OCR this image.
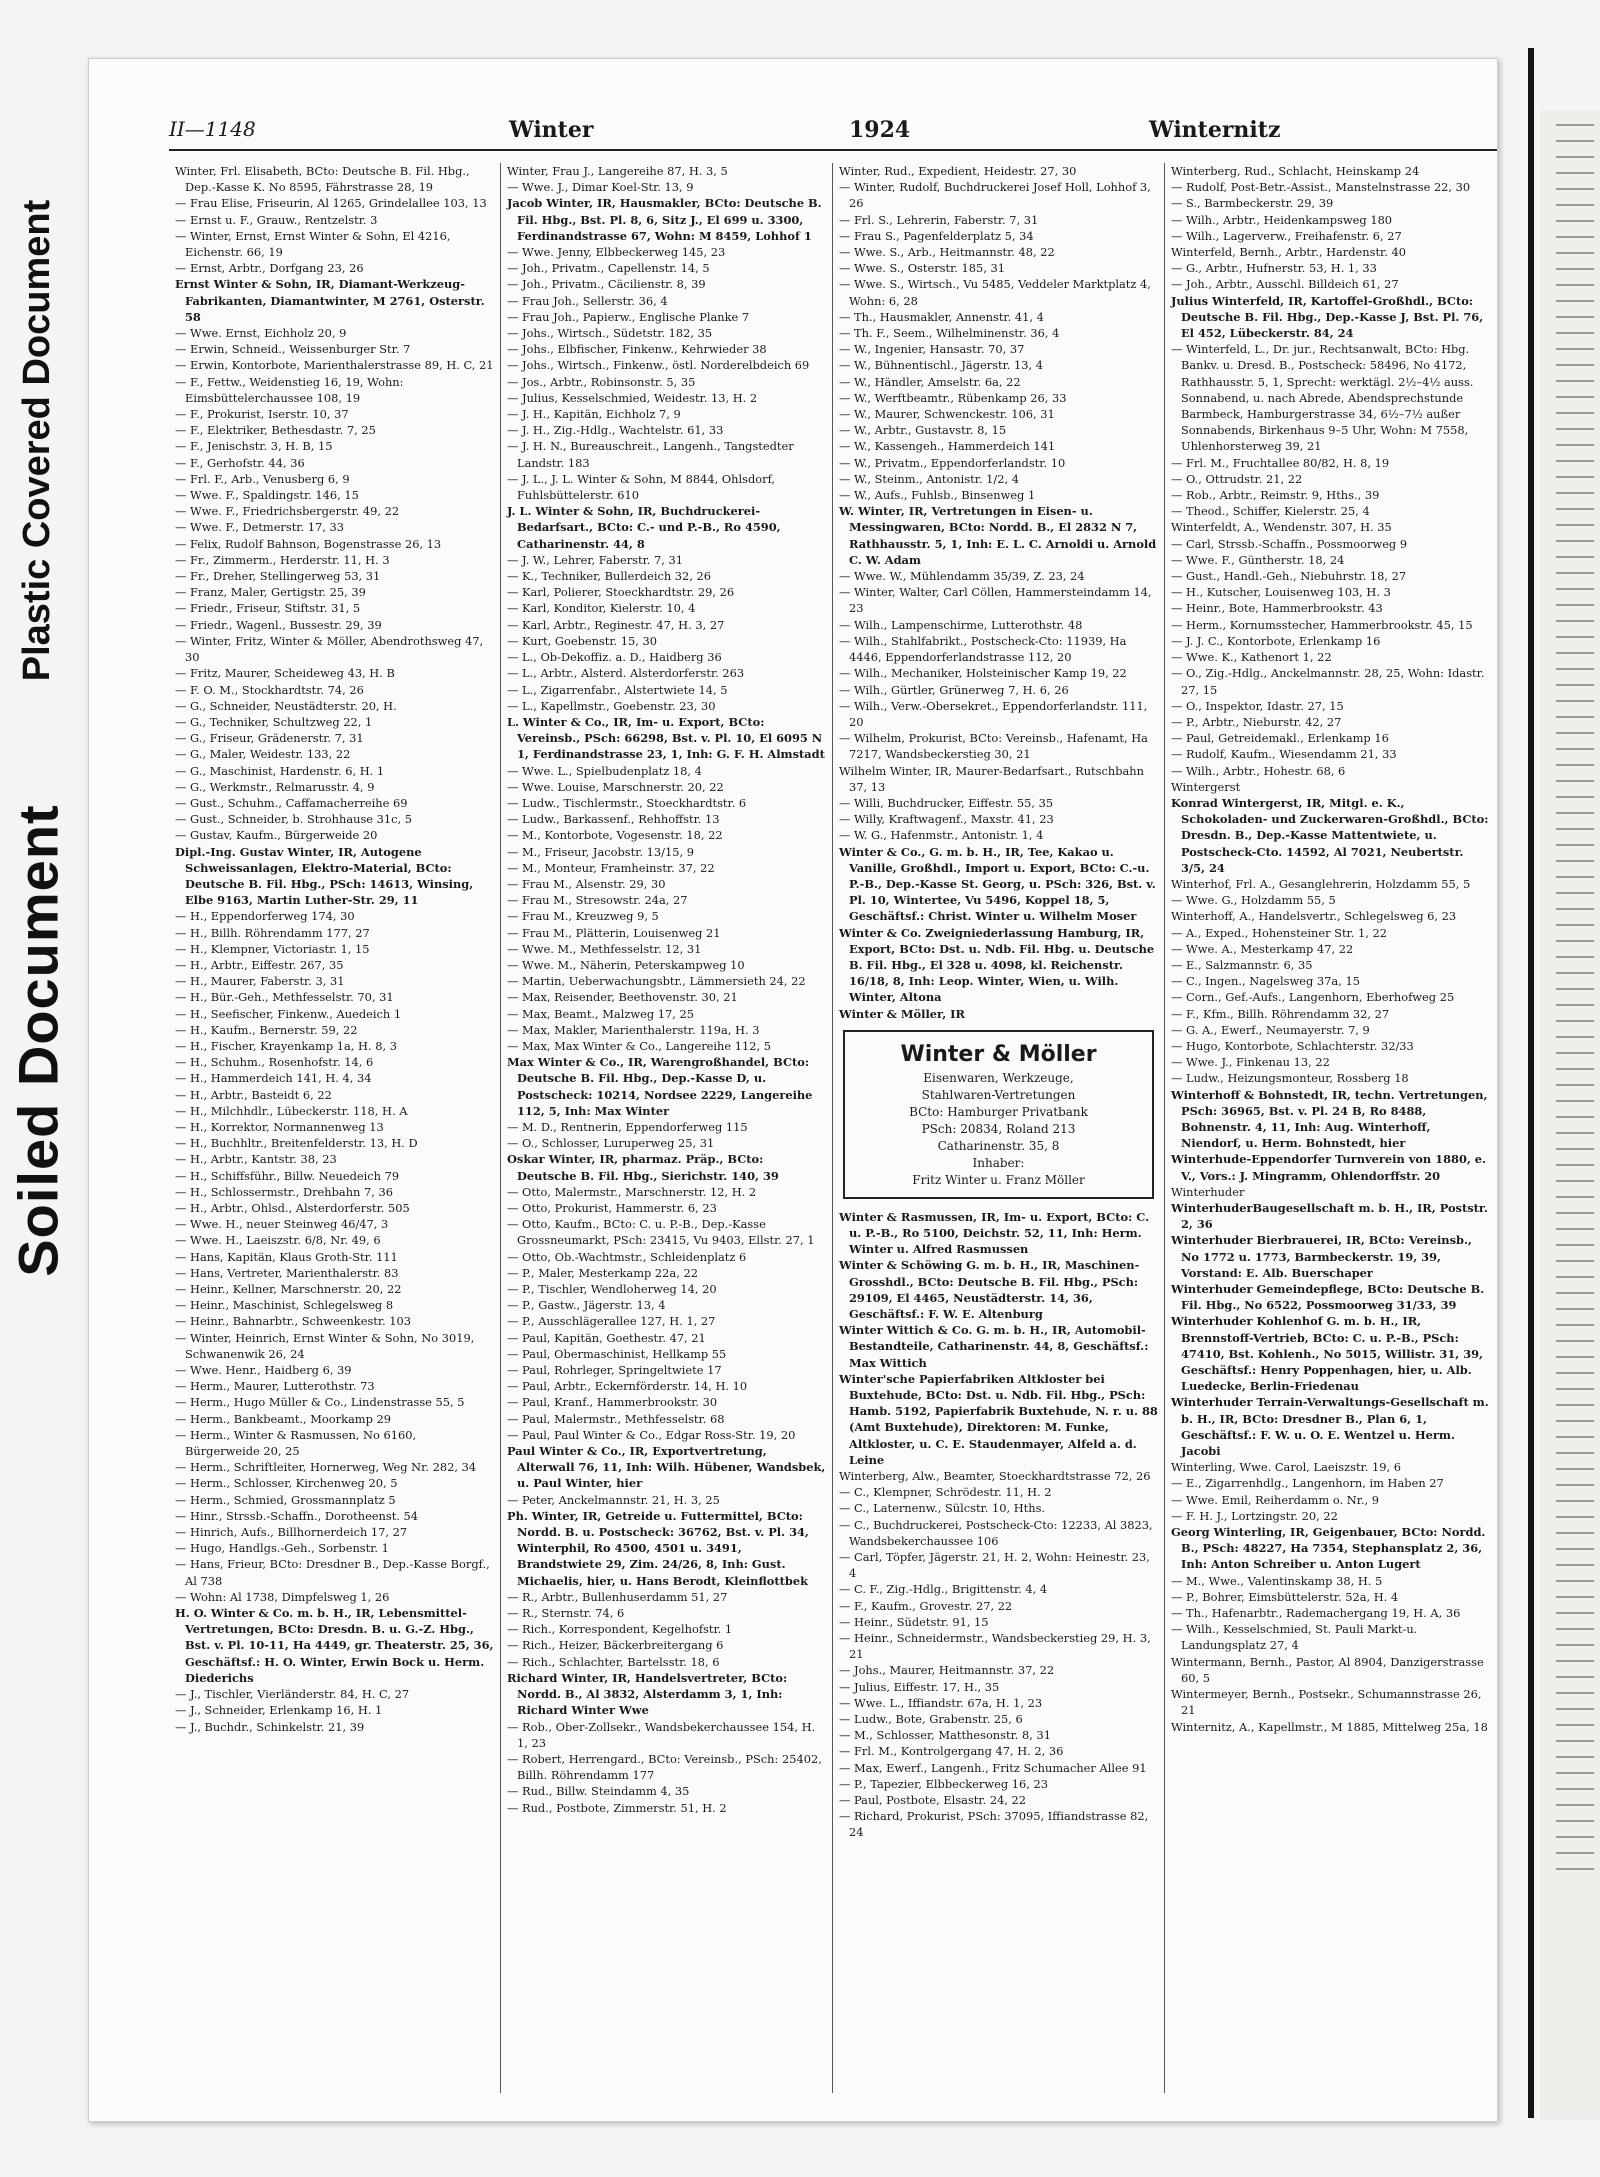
Plastic Covered Document
Soiled Document
II—1148	Winter	1924	Winternitz

Winter, Frl. Elisabeth, BCto: Deutsche B. Fil. Hbg., Dep.-Kasse K. No 8595, Fährstrasse 28, 19

— Frau Elise, Friseurin, Al 1265, Grindelallee 103, 13

— Ernst u. F., Grauw., Rentzelstr. 3

— Winter, Ernst, Ernst Winter & Sohn, El 4216, Eichenstr. 66, 19

— Ernst, Arbtr., Dorfgang 23, 26

Ernst Winter & Sohn, IR, Diamant-Werkzeug-Fabrikanten, Diamantwinter, M 2761, Osterstr. 58

— Wwe. Ernst, Eichholz 20, 9

— Erwin, Schneid., Weissenburger Str. 7

— Erwin, Kontorbote, Marienthalerstrasse 89, H. C, 21

— F., Fettw., Weidenstieg 16, 19, Wohn: Eimsbüttelerchaussee 108, 19

— F., Prokurist, Iserstr. 10, 37

— F., Elektriker, Bethesdastr. 7, 25

— F., Jenischstr. 3, H. B, 15

— F., Gerhofstr. 44, 36

— Frl. F., Arb., Venusberg 6, 9

— Wwe. F., Spaldingstr. 146, 15

— Wwe. F., Friedrichsbergerstr. 49, 22

— Wwe. F., Detmerstr. 17, 33

— Felix, Rudolf Bahnson, Bogenstrasse 26, 13

— Fr., Zimmerm., Herderstr. 11, H. 3

— Fr., Dreher, Stellingerweg 53, 31

— Franz, Maler, Gertigstr. 25, 39

— Friedr., Friseur, Stiftstr. 31, 5

— Friedr., Wagenl., Bussestr. 29, 39

— Winter, Fritz, Winter & Möller, Abendrothsweg 47, 30

— Fritz, Maurer, Scheideweg 43, H. B

— F. O. M., Stockhardtstr. 74, 26

— G., Schneider, Neustädterstr. 20, H.

— G., Techniker, Schultzweg 22, 1

— G., Friseur, Grädenerstr. 7, 31

— G., Maler, Weidestr. 133, 22

— G., Maschinist, Hardenstr. 6, H. 1

— G., Werkmstr., Relmarusstr. 4, 9

— Gust., Schuhm., Caffamacherreihe 69

— Gust., Schneider, b. Strohhause 31c, 5

— Gustav, Kaufm., Bürgerweide 20

Dipl.-Ing. Gustav Winter, IR, Autogene Schweissanlagen, Elektro-Material, BCto: Deutsche B. Fil. Hbg., PSch: 14613, Winsing, Elbe 9163, Martin Luther-Str. 29, 11

— H., Eppendorferweg 174, 30

— H., Billh. Röhrendamm 177, 27

— H., Klempner, Victoriastr. 1, 15

— H., Arbtr., Eiffestr. 267, 35

— H., Maurer, Faberstr. 3, 31

— H., Bür.-Geh., Methfesselstr. 70, 31

— H., Seefischer, Finkenw., Auedeich 1

— H., Kaufm., Bernerstr. 59, 22

— H., Fischer, Krayenkamp 1a, H. 8, 3

— H., Schuhm., Rosenhofstr. 14, 6

— H., Hammerdeich 141, H. 4, 34

— H., Arbtr., Basteidt 6, 22

— H., Milchhdlr., Lübeckerstr. 118, H. A

— H., Korrektor, Normannenweg 13

— H., Buchhltr., Breitenfelderstr. 13, H. D

— H., Arbtr., Kantstr. 38, 23

— H., Schiffsführ., Billw. Neuedeich 79

— H., Schlossermstr., Drehbahn 7, 36

— H., Arbtr., Ohlsd., Alsterdorferstr. 505

— Wwe. H., neuer Steinweg 46/47, 3

— Wwe. H., Laeiszstr. 6/8, Nr. 49, 6

— Hans, Kapitän, Klaus Groth-Str. 111

— Hans, Vertreter, Marienthalerstr. 83

— Heinr., Kellner, Marschnerstr. 20, 22

— Heinr., Maschinist, Schlegelsweg 8

— Heinr., Bahnarbtr., Schweenkestr. 103

— Winter, Heinrich, Ernst Winter & Sohn, No 3019, Schwanenwik 26, 24

— Wwe. Henr., Haidberg 6, 39

— Herm., Maurer, Lutterothstr. 73

— Herm., Hugo Müller & Co., Lindenstrasse 55, 5

— Herm., Bankbeamt., Moorkamp 29

— Herm., Winter & Rasmussen, No 6160, Bürgerweide 20, 25

— Herm., Schriftleiter, Hornerweg, Weg Nr. 282, 34

— Herm., Schlosser, Kirchenweg 20, 5

— Herm., Schmied, Grossmannplatz 5

— Hinr., Strssb.-Schaffn., Dorotheenst. 54

— Hinrich, Aufs., Billhornerdeich 17, 27

— Hugo, Handlgs.-Geh., Sorbenstr. 1

— Hans, Frieur, BCto: Dresdner B., Dep.-Kasse Borgf., Al 738

— Wohn: Al 1738, Dimpfelsweg 1, 26

H. O. Winter & Co. m. b. H., IR, Lebensmittel-Vertretungen, BCto: Dresdn. B. u. G.-Z. Hbg., Bst. v. Pl. 10-11, Ha 4449, gr. Theaterstr. 25, 36, Geschäftsf.: H. O. Winter, Erwin Bock u. Herm. Diederichs

— J., Tischler, Vierländerstr. 84, H. C, 27

— J., Schneider, Erlenkamp 16, H. 1

— J., Buchdr., Schinkelstr. 21, 39

Winter, Frau J., Langereihe 87, H. 3, 5

— Wwe. J., Dimar Koel-Str. 13, 9

Jacob Winter, IR, Hausmakler, BCto: Deutsche B. Fil. Hbg., Bst. Pl. 8, 6, Sitz J., El 699 u. 3300, Ferdinandstrasse 67, Wohn: M 8459, Lohhof 1

— Wwe. Jenny, Elbbeckerweg 145, 23

— Joh., Privatm., Capellenstr. 14, 5

— Joh., Privatm., Cäcilienstr. 8, 39

— Frau Joh., Sellerstr. 36, 4

— Frau Joh., Papierw., Englische Planke 7

— Johs., Wirtsch., Südetstr. 182, 35

— Johs., Elbfischer, Finkenw., Kehrwieder 38

— Johs., Wirtsch., Finkenw., östl. Norderelbdeich 69

— Jos., Arbtr., Robinsonstr. 5, 35

— Julius, Kesselschmied, Weidestr. 13, H. 2

— J. H., Kapitän, Eichholz 7, 9

— J. H., Zig.-Hdlg., Wachtelstr. 61, 33

— J. H. N., Bureauschreit., Langenh., Tangstedter Landstr. 183

— J. L., J. L. Winter & Sohn, M 8844, Ohlsdorf, Fuhlsbüttelerstr. 610

J. L. Winter & Sohn, IR, Buchdruckerei-Bedarfsart., BCto: C.- und P.-B., Ro 4590, Catharinenstr. 44, 8

— J. W., Lehrer, Faberstr. 7, 31

— K., Techniker, Bullerdeich 32, 26

— Karl, Polierer, Stoeckhardtstr. 29, 26

— Karl, Konditor, Kielerstr. 10, 4

— Karl, Arbtr., Reginestr. 47, H. 3, 27

— Kurt, Goebenstr. 15, 30

— L., Ob-Dekoffiz. a. D., Haidberg 36

— L., Arbtr., Alsterd. Alsterdorferstr. 263

— L., Zigarrenfabr., Alstertwiete 14, 5

— L., Kapellmstr., Goebenstr. 23, 30

L. Winter & Co., IR, Im- u. Export, BCto: Vereinsb., PSch: 66298, Bst. v. Pl. 10, El 6095 N 1, Ferdinandstrasse 23, 1, Inh: G. F. H. Almstadt

— Wwe. L., Spielbudenplatz 18, 4

— Wwe. Louise, Marschnerstr. 20, 22

— Ludw., Tischlermstr., Stoeckhardtstr. 6

— Ludw., Barkassenf., Rehhoffstr. 13

— M., Kontorbote, Vogesenstr. 18, 22

— M., Friseur, Jacobstr. 13/15, 9

— M., Monteur, Framheinstr. 37, 22

— Frau M., Alsenstr. 29, 30

— Frau M., Stresowstr. 24a, 27

— Frau M., Kreuzweg 9, 5

— Frau M., Plätterin, Louisenweg 21

— Wwe. M., Methfesselstr. 12, 31

— Wwe. M., Näherin, Peterskampweg 10

— Martin, Ueberwachungsbtr., Lämmersieth 24, 22

— Max, Reisender, Beethovenstr. 30, 21

— Max, Beamt., Malzweg 17, 25

— Max, Makler, Marienthalerstr. 119a, H. 3

— Max, Max Winter & Co., Langereihe 112, 5

Max Winter & Co., IR, Warengroßhandel, BCto: Deutsche B. Fil. Hbg., Dep.-Kasse D, u. Postscheck: 10214, Nordsee 2229, Langereihe 112, 5, Inh: Max Winter

— M. D., Rentnerin, Eppendorferweg 115

— O., Schlosser, Luruperweg 25, 31

Oskar Winter, IR, pharmaz. Präp., BCto: Deutsche B. Fil. Hbg., Sierichstr. 140, 39

— Otto, Malermstr., Marschnerstr. 12, H. 2

— Otto, Prokurist, Hammerstr. 6, 23

— Otto, Kaufm., BCto: C. u. P.-B., Dep.-Kasse Grossneumarkt, PSch: 23415, Vu 9403, Ellstr. 27, 1

— Otto, Ob.-Wachtmstr., Schleidenplatz 6

— P., Maler, Mesterkamp 22a, 22

— P., Tischler, Wendloherweg 14, 20

— P., Gastw., Jägerstr. 13, 4

— P., Ausschlägerallee 127, H. 1, 27

— Paul, Kapitän, Goethestr. 47, 21

— Paul, Obermaschinist, Hellkamp 55

— Paul, Rohrleger, Springeltwiete 17

— Paul, Arbtr., Eckernförderstr. 14, H. 10

— Paul, Kranf., Hammerbrookstr. 30

— Paul, Malermstr., Methfesselstr. 68

— Paul, Paul Winter & Co., Edgar Ross-Str. 19, 20

Paul Winter & Co., IR, Exportvertretung, Alterwall 76, 11, Inh: Wilh. Hübener, Wandsbek, u. Paul Winter, hier

— Peter, Anckelmannstr. 21, H. 3, 25

Ph. Winter, IR, Getreide u. Futtermittel, BCto: Nordd. B. u. Postscheck: 36762, Bst. v. Pl. 34, Winterphil, Ro 4500, 4501 u. 3491, Brandstwiete 29, Zim. 24/26, 8, Inh: Gust. Michaelis, hier, u. Hans Berodt, Kleinflottbek

— R., Arbtr., Bullenhuserdamm 51, 27

— R., Sternstr. 74, 6

— Rich., Korrespondent, Kegelhofstr. 1

— Rich., Heizer, Bäckerbreitergang 6

— Rich., Schlachter, Bartelsstr. 18, 6

Richard Winter, IR, Handelsvertreter, BCto: Nordd. B., Al 3832, Alsterdamm 3, 1, Inh: Richard Winter Wwe

— Rob., Ober-Zollsekr., Wandsbekerchaussee 154, H. 1, 23

— Robert, Herrengard., BCto: Vereinsb., PSch: 25402, Billh. Röhrendamm 177

— Rud., Billw. Steindamm 4, 35

— Rud., Postbote, Zimmerstr. 51, H. 2

Winter, Rud., Expedient, Heidestr. 27, 30

— Winter, Rudolf, Buchdruckerei Josef Holl, Lohhof 3, 26

— Frl. S., Lehrerin, Faberstr. 7, 31

— Frau S., Pagenfelderplatz 5, 34

— Wwe. S., Arb., Heitmannstr. 48, 22

— Wwe. S., Osterstr. 185, 31

— Wwe. S., Wirtsch., Vu 5485, Veddeler Marktplatz 4, Wohn: 6, 28

— Th., Hausmakler, Annenstr. 41, 4

— Th. F., Seem., Wilhelminenstr. 36, 4

— W., Ingenier, Hansastr. 70, 37

— W., Bühnentischl., Jägerstr. 13, 4

— W., Händler, Amselstr. 6a, 22

— W., Werftbeamtr., Rübenkamp 26, 33

— W., Maurer, Schwenckestr. 106, 31

— W., Arbtr., Gustavstr. 8, 15

— W., Kassengeh., Hammerdeich 141

— W., Privatm., Eppendorferlandstr. 10

— W., Steinm., Antonistr. 1/2, 4

— W., Aufs., Fuhlsb., Binsenweg 1

W. Winter, IR, Vertretungen in Eisen- u. Messingwaren, BCto: Nordd. B., El 2832 N 7, Rathhausstr. 5, 1, Inh: E. L. C. Arnoldi u. Arnold C. W. Adam

— Wwe. W., Mühlendamm 35/39, Z. 23, 24

— Winter, Walter, Carl Cöllen, Hammersteindamm 14, 23

— Wilh., Lampenschirme, Lutterothstr. 48

— Wilh., Stahlfabrikt., Postscheck-Cto: 11939, Ha 4446, Eppendorferlandstrasse 112, 20

— Wilh., Mechaniker, Holsteinischer Kamp 19, 22

— Wilh., Gürtler, Grünerweg 7, H. 6, 26

— Wilh., Verw.-Obersekret., Eppendorferlandstr. 111, 20

— Wilhelm, Prokurist, BCto: Vereinsb., Hafenamt, Ha 7217, Wandsbeckerstieg 30, 21

Wilhelm Winter, IR, Maurer-Bedarfsart., Rutschbahn 37, 13

— Willi, Buchdrucker, Eiffestr. 55, 35

— Willy, Kraftwagenf., Maxstr. 41, 23

— W. G., Hafenmstr., Antonistr. 1, 4

Winter & Co., G. m. b. H., IR, Tee, Kakao u. Vanille, Großhdl., Import u. Export, BCto: C.-u. P.-B., Dep.-Kasse St. Georg, u. PSch: 326, Bst. v. Pl. 10, Wintertee, Vu 5496, Koppel 18, 5, Geschäftsf.: Christ. Winter u. Wilhelm Moser

Winter & Co. Zweigniederlassung Hamburg, IR, Export, BCto: Dst. u. Ndb. Fil. Hbg. u. Deutsche B. Fil. Hbg., El 328 u. 4098, kl. Reichenstr. 16/18, 8, Inh: Leop. Winter, Wien, u. Wilh. Winter, Altona

Winter & Möller, IR

Winter & Möller
Eisenwaren, Werkzeuge,
Stahlwaren-Vertretungen
BCto: Hamburger Privatbank
PSch: 20834, Roland 213
Catharinenstr. 35, 8
Inhaber:
Fritz Winter u. Franz Möller

Winter & Rasmussen, IR, Im- u. Export, BCto: C. u. P.-B., Ro 5100, Deichstr. 52, 11, Inh: Herm. Winter u. Alfred Rasmussen

Winter & Schöwing G. m. b. H., IR, Maschinen-Grosshdl., BCto: Deutsche B. Fil. Hbg., PSch: 29109, El 4465, Neustädterstr. 14, 36, Geschäftsf.: F. W. E. Altenburg

Winter Wittich & Co. G. m. b. H., IR, Automobil-Bestandteile, Catharinenstr. 44, 8, Geschäftsf.: Max Wittich

Winter'sche Papierfabriken Altkloster bei Buxtehude, BCto: Dst. u. Ndb. Fil. Hbg., PSch: Hamb. 5192, Papierfabrik Buxtehude, N. r. u. 88 (Amt Buxtehude), Direktoren: M. Funke, Altkloster, u. C. E. Staudenmayer, Alfeld a. d. Leine

Winterberg, Alw., Beamter, Stoeckhardtstrasse 72, 26

— C., Klempner, Schrödestr. 11, H. 2

— C., Laternenw., Sülcstr. 10, Hths.

— C., Buchdruckerei, Postscheck-Cto: 12233, Al 3823, Wandsbekerchaussee 106

— Carl, Töpfer, Jägerstr. 21, H. 2, Wohn: Heinestr. 23, 4

— C. F., Zig.-Hdlg., Brigittenstr. 4, 4

— F., Kaufm., Grovestr. 27, 22

— Heinr., Südetstr. 91, 15

— Heinr., Schneidermstr., Wandsbeckerstieg 29, H. 3, 21

— Johs., Maurer, Heitmannstr. 37, 22

— Julius, Eiffestr. 17, H., 35

— Wwe. L., Iffiandstr. 67a, H. 1, 23

— Ludw., Bote, Grabenstr. 25, 6

— M., Schlosser, Matthesonstr. 8, 31

— Frl. M., Kontrolgergang 47, H. 2, 36

— Max, Ewerf., Langenh., Fritz Schumacher Allee 91

— P., Tapezier, Elbbeckerweg 16, 23

— Paul, Postbote, Elsastr. 24, 22

— Richard, Prokurist, PSch: 37095, Iffiandstrasse 82, 24

Winterberg, Rud., Schlacht, Heinskamp 24

— Rudolf, Post-Betr.-Assist., Manstelnstrasse 22, 30

— S., Barmbeckerstr. 29, 39

— Wilh., Arbtr., Heidenkampsweg 180

— Wilh., Lagerverw., Freihafenstr. 6, 27

Winterfeld, Bernh., Arbtr., Hardenstr. 40

— G., Arbtr., Hufnerstr. 53, H. 1, 33

— Joh., Arbtr., Ausschl. Billdeich 61, 27

Julius Winterfeld, IR, Kartoffel-Großhdl., BCto: Deutsche B. Fil. Hbg., Dep.-Kasse J, Bst. Pl. 76, El 452, Lübeckerstr. 84, 24

— Winterfeld, L., Dr. jur., Rechtsanwalt, BCto: Hbg. Bankv. u. Dresd. B., Postscheck: 58496, No 4172, Rathhausstr. 5, 1, Sprecht: werktägl. 2½–4½ auss. Sonnabend, u. nach Abrede, Abendsprechstunde Barmbeck, Hamburgerstrasse 34, 6½–7½ außer Sonnabends, Birkenhaus 9–5 Uhr, Wohn: M 7558, Uhlenhorsterweg 39, 21

— Frl. M., Fruchtallee 80/82, H. 8, 19

— O., Ottrudstr. 21, 22

— Rob., Arbtr., Reimstr. 9, Hths., 39

— Theod., Schiffer, Kielerstr. 25, 4

Winterfeldt, A., Wendenstr. 307, H. 35

— Carl, Strssb.-Schaffn., Possmoorweg 9

— Wwe. F., Güntherstr. 18, 24

— Gust., Handl.-Geh., Niebuhrstr. 18, 27

— H., Kutscher, Louisenweg 103, H. 3

— Heinr., Bote, Hammerbrookstr. 43

— Herm., Kornumsstecher, Hammerbrookstr. 45, 15

— J. J. C., Kontorbote, Erlenkamp 16

— Wwe. K., Kathenort 1, 22

— O., Zig.-Hdlg., Anckelmannstr. 28, 25, Wohn: Idastr. 27, 15

— O., Inspektor, Idastr. 27, 15

— P., Arbtr., Nieburstr. 42, 27

— Paul, Getreidemakl., Erlenkamp 16

— Rudolf, Kaufm., Wiesendamm 21, 33

— Wilh., Arbtr., Hohestr. 68, 6

Wintergerst

Konrad Wintergerst, IR, Mitgl. e. K., Schokoladen- und Zuckerwaren-Großhdl., BCto: Dresdn. B., Dep.-Kasse Mattentwiete, u. Postscheck-Cto. 14592, Al 7021, Neubertstr. 3/5, 24

Winterhof, Frl. A., Gesanglehrerin, Holzdamm 55, 5

— Wwe. G., Holzdamm 55, 5

Winterhoff, A., Handelsvertr., Schlegelsweg 6, 23

— A., Exped., Hohensteiner Str. 1, 22

— Wwe. A., Mesterkamp 47, 22

— E., Salzmannstr. 6, 35

— C., Ingen., Nagelsweg 37a, 15

— Corn., Gef.-Aufs., Langenhorn, Eberhofweg 25

— F., Kfm., Billh. Röhrendamm 32, 27

— G. A., Ewerf., Neumayerstr. 7, 9

— Hugo, Kontorbote, Schlachterstr. 32/33

— Wwe. J., Finkenau 13, 22

— Ludw., Heizungsmonteur, Rossberg 18

Winterhoff & Bohnstedt, IR, techn. Vertretungen, PSch: 36965, Bst. v. Pl. 24 B, Ro 8488, Bohnenstr. 4, 11, Inh: Aug. Winterhoff, Niendorf, u. Herm. Bohnstedt, hier

Winterhude-Eppendorfer Turnverein von 1880, e. V., Vors.: J. Mingramm, Ohlendorffstr. 20

Winterhuder

WinterhuderBaugesellschaft m. b. H., IR, Poststr. 2, 36

Winterhuder Bierbrauerei, IR, BCto: Vereinsb., No 1772 u. 1773, Barmbeckerstr. 19, 39, Vorstand: E. Alb. Buerschaper

Winterhuder Gemeindepflege, BCto: Deutsche B. Fil. Hbg., No 6522, Possmoorweg 31/33, 39

Winterhuder Kohlenhof G. m. b. H., IR, Brennstoff-Vertrieb, BCto: C. u. P.-B., PSch: 47410, Bst. Kohlenh., No 5015, Willistr. 31, 39, Geschäftsf.: Henry Poppenhagen, hier, u. Alb. Luedecke, Berlin-Friedenau

Winterhuder Terrain-Verwaltungs-Gesellschaft m. b. H., IR, BCto: Dresdner B., Plan 6, 1, Geschäftsf.: F. W. u. O. E. Wentzel u. Herm. Jacobi

Winterling, Wwe. Carol, Laeiszstr. 19, 6

— E., Zigarrenhdlg., Langenhorn, im Haben 27

— Wwe. Emil, Reiherdamm o. Nr., 9

— F. H. J., Lortzingstr. 20, 22

Georg Winterling, IR, Geigenbauer, BCto: Nordd. B., PSch: 48227, Ha 7354, Stephansplatz 2, 36, Inh: Anton Schreiber u. Anton Lugert

— M., Wwe., Valentinskamp 38, H. 5

— P., Bohrer, Eimsbüttelerstr. 52a, H. 4

— Th., Hafenarbtr., Rademachergang 19, H. A, 36

— Wilh., Kesselschmied, St. Pauli Markt-u. Landungsplatz 27, 4

Wintermann, Bernh., Pastor, Al 8904, Danzigerstrasse 60, 5

Wintermeyer, Bernh., Postsekr., Schumannstrasse 26, 21

Winternitz, A., Kapellmstr., M 1885, Mittelweg 25a, 18
